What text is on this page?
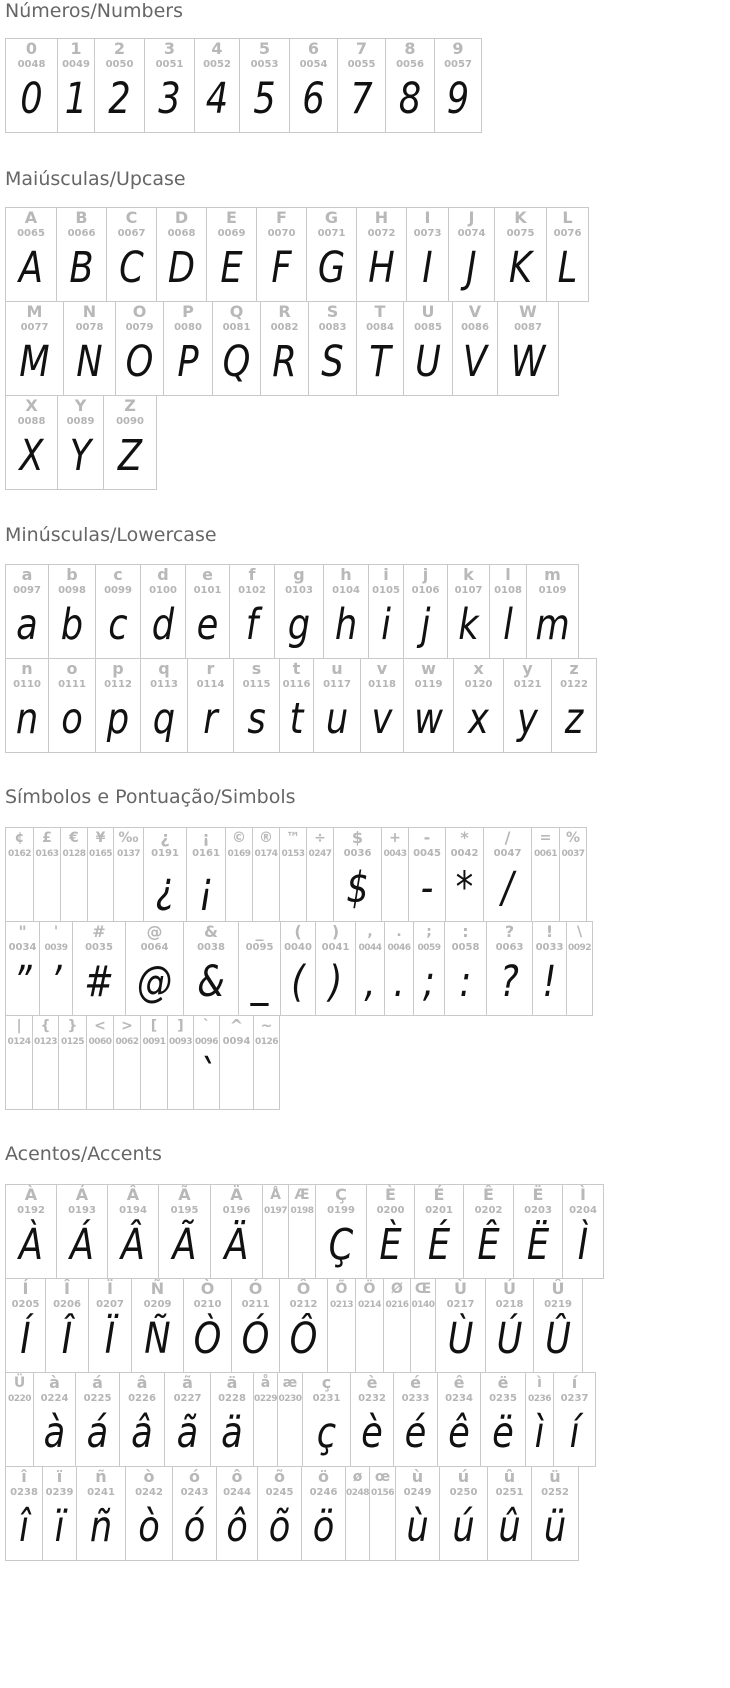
Números/Numbers
0
0048
0
1
0049
1
2
0050
2
3
0051
3
4
0052
4
5
0053
5
6
0054
6
7
0055
7
8
0056
8
9
0057
9
Maiúsculas/Upcase
A
0065
A
B
0066
B
C
0067
C
D
0068
D
E
0069
E
F
0070
F
G
0071
G
H
0072
H
I
0073
I
J
0074
J
K
0075
K
L
0076
L
M
0077
M
N
0078
N
O
0079
O
P
0080
P
Q
0081
Q
R
0082
R
S
0083
S
T
0084
T
U
0085
U
V
0086
V
W
0087
W
X
0088
X
Y
0089
Y
Z
0090
Z
Minúsculas/Lowercase
a
0097
a
b
0098
b
c
0099
c
d
0100
d
e
0101
e
f
0102
f
g
0103
g
h
0104
h
i
0105
i
j
0106
j
k
0107
k
l
0108
l
m
0109
m
n
0110
n
o
0111
o
p
0112
p
q
0113
q
r
0114
r
s
0115
s
t
0116
t
u
0117
u
v
0118
v
w
0119
w
x
0120
x
y
0121
y
z
0122
z
Símbolos e Pontuação/Simbols
¢
0162
£
0163
€
0128
¥
0165
‰
0137
¿
0191
¿
¡
0161
¡
©
0169
®
0174
™
0153
÷
0247
$
0036
$
+
0043
-
0045
-
*
0042
*
/
0047
/
=
0061
%
0037
"
0034
”
'
0039
’
#
0035
#
@
0064
@
&
0038
&
_
0095
_
(
0040
(
)
0041
)
,
0044
,
.
0046
.
;
0059
;
:
0058
:
?
0063
?
!
0033
!
\
0092
|
0124
{
0123
}
0125
<
0060
>
0062
[
0091
]
0093
`
0096
`
^
0094
~
0126
Acentos/Accents
À
0192
À
Á
0193
Á
Â
0194
Â
Ã
0195
Ã
Ä
0196
Ä
Å
0197
Æ
0198
Ç
0199
Ç
È
0200
È
É
0201
É
Ê
0202
Ê
Ë
0203
Ë
Ì
0204
Ì
Í
0205
Í
Î
0206
Î
Ï
0207
Ï
Ñ
0209
Ñ
Ò
0210
Ò
Ó
0211
Ó
Ô
0212
Ô
Õ
0213
Ö
0214
Ø
0216
Œ
0140
Ù
0217
Ù
Ú
0218
Ú
Û
0219
Û
Ü
0220
à
0224
à
á
0225
á
â
0226
â
ã
0227
ã
ä
0228
ä
å
0229
æ
0230
ç
0231
ç
è
0232
è
é
0233
é
ê
0234
ê
ë
0235
ë
ì
0236
ì
í
0237
í
î
0238
î
ï
0239
ï
ñ
0241
ñ
ò
0242
ò
ó
0243
ó
ô
0244
ô
õ
0245
õ
ö
0246
ö
ø
0248
œ
0156
ù
0249
ù
ú
0250
ú
û
0251
û
ü
0252
ü
